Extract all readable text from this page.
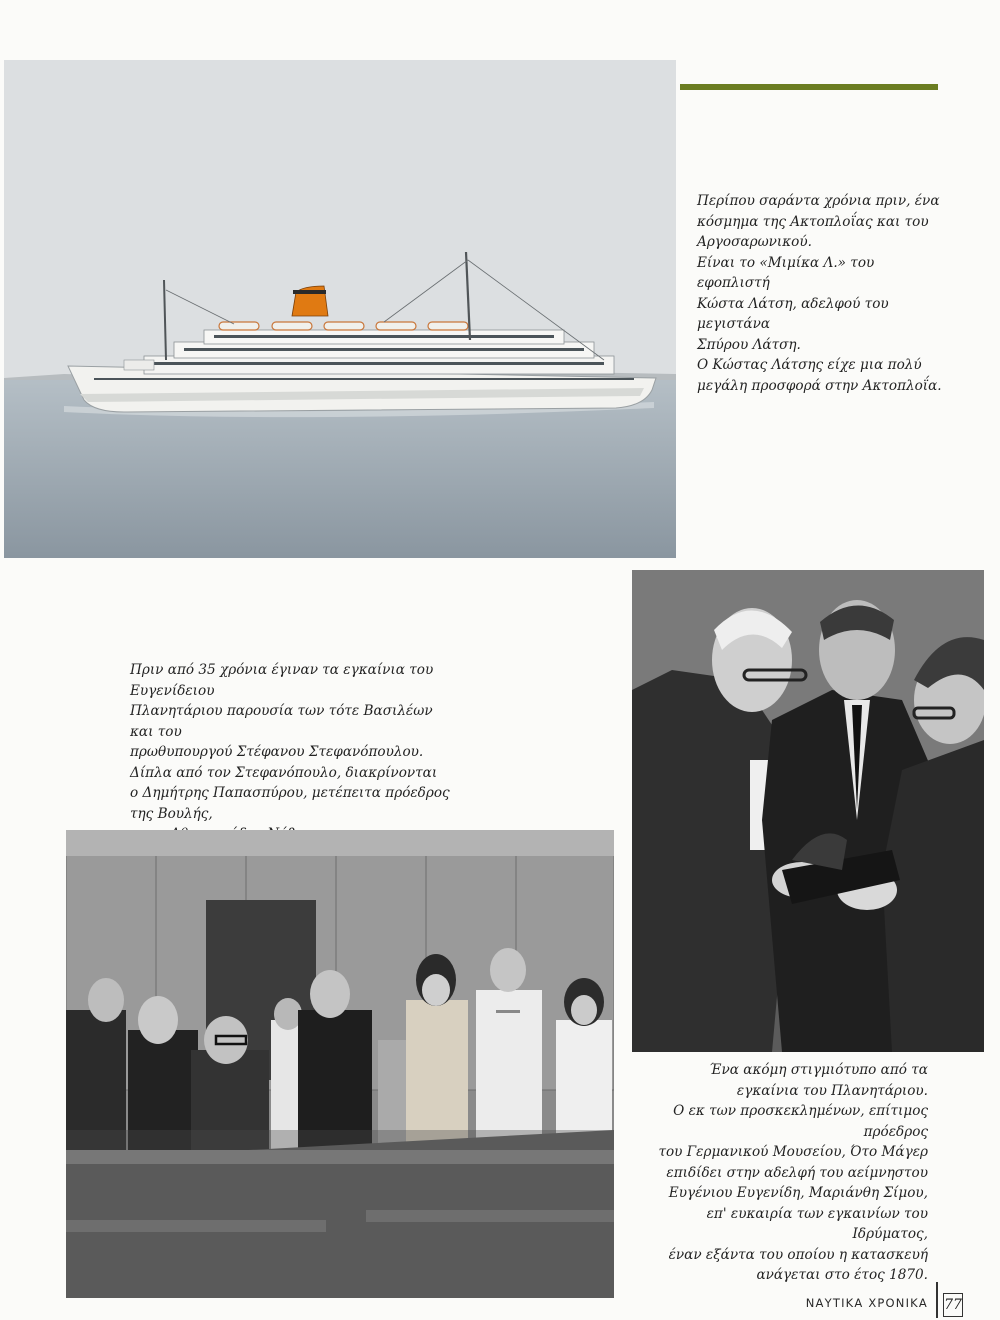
Περίπου σαράντα χρόνια πριν, ένα

κόσμημα της Ακτοπλοΐας και του

Αργοσαρωνικού.

Είναι το «Μιμίκα Λ.» του εφοπλιστή

Κώστα Λάτση, αδελφού του μεγιστάνα

Σπύρου Λάτση.

Ο Κώστας Λάτσης είχε μια πολύ

μεγάλη προσφορά στην Ακτοπλοΐα.

Πριν από 35 χρόνια έγιναν τα εγκαίνια του Ευγενίδειου

Πλανητάριου παρουσία των τότε Βασιλέων και του

πρωθυπουργού Στέφανου Στεφανόπουλου.

Δίπλα από τον Στεφανόπουλο, διακρίνονται

ο Δημήτρης Παπασπύρου, μετέπειτα πρόεδρος της Βουλής,

Ένα ακόμη στιγμιότυπο από τα

εγκαίνια του Πλανητάριου.

Ο εκ των προσκεκλημένων, επίτιμος πρόεδρος

του Γερμανικού Μουσείου, Ότο Μάγερ

επιδίδει στην αδελφή του αείμνηστου

Ευγένιου Ευγενίδη, Μαριάνθη Σίμου,

επ' ευκαιρία των εγκαινίων του Ιδρύματος,

έναν εξάντα του οποίου η κατασκευή

ανάγεται στο έτος 1870.

ΝΑΥΤΙΚΑ ΧΡΟΝΙΚΑ 77
